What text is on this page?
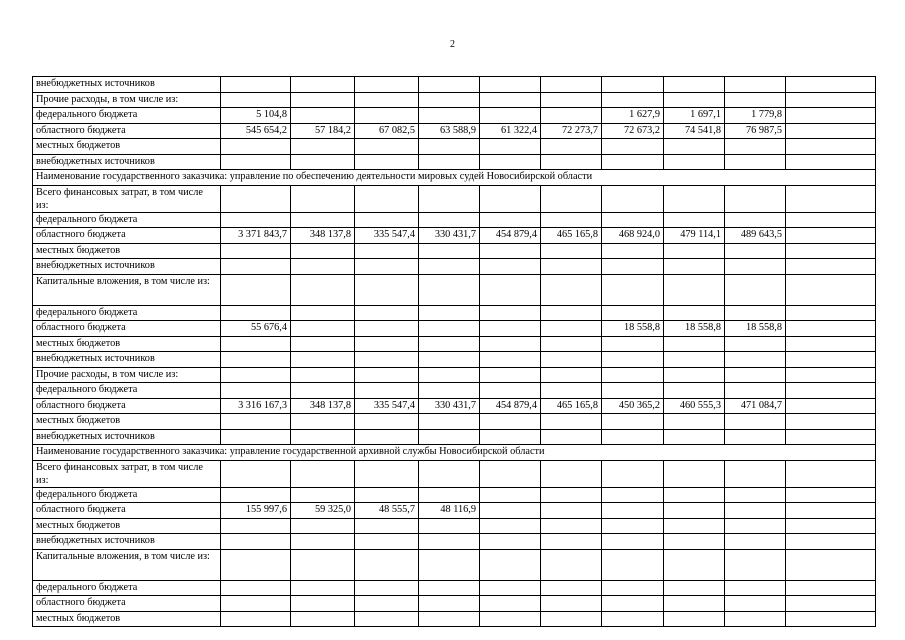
2
внебюджетных источников										
Прочие расходы, в том числе из:										
федерального бюджета	5 104,8						1 627,9	1 697,1	1 779,8	
областного бюджета	545 654,2	57 184,2	67 082,5	63 588,9	61 322,4	72 273,7	72 673,2	74 541,8	76 987,5	
местных бюджетов										
внебюджетных источников										
Наименование государственного заказчика: управление по обеспечению деятельности мировых судей Новосибирской области										
Всего финансовых затрат, в том числе из:										
федерального бюджета										
областного бюджета	3 371 843,7	348 137,8	335 547,4	330 431,7	454 879,4	465 165,8	468 924,0	479 114,1	489 643,5	
местных бюджетов										
внебюджетных источников										
Капитальные вложения, в том числе из:										
федерального бюджета										
областного бюджета	55 676,4						18 558,8	18 558,8	18 558,8	
местных бюджетов										
внебюджетных источников										
Прочие расходы, в том числе из:										
федерального бюджета										
областного бюджета	3 316 167,3	348 137,8	335 547,4	330 431,7	454 879,4	465 165,8	450 365,2	460 555,3	471 084,7	
местных бюджетов										
внебюджетных источников										
Наименование государственного заказчика: управление государственной архивной службы Новосибирской области										
Всего финансовых затрат, в том числе из:										
федерального бюджета										
областного бюджета	155 997,6	59 325,0	48 555,7	48 116,9						
местных бюджетов										
внебюджетных источников										
Капитальные вложения, в том числе из:										
федерального бюджета										
областного бюджета										
местных бюджетов										
